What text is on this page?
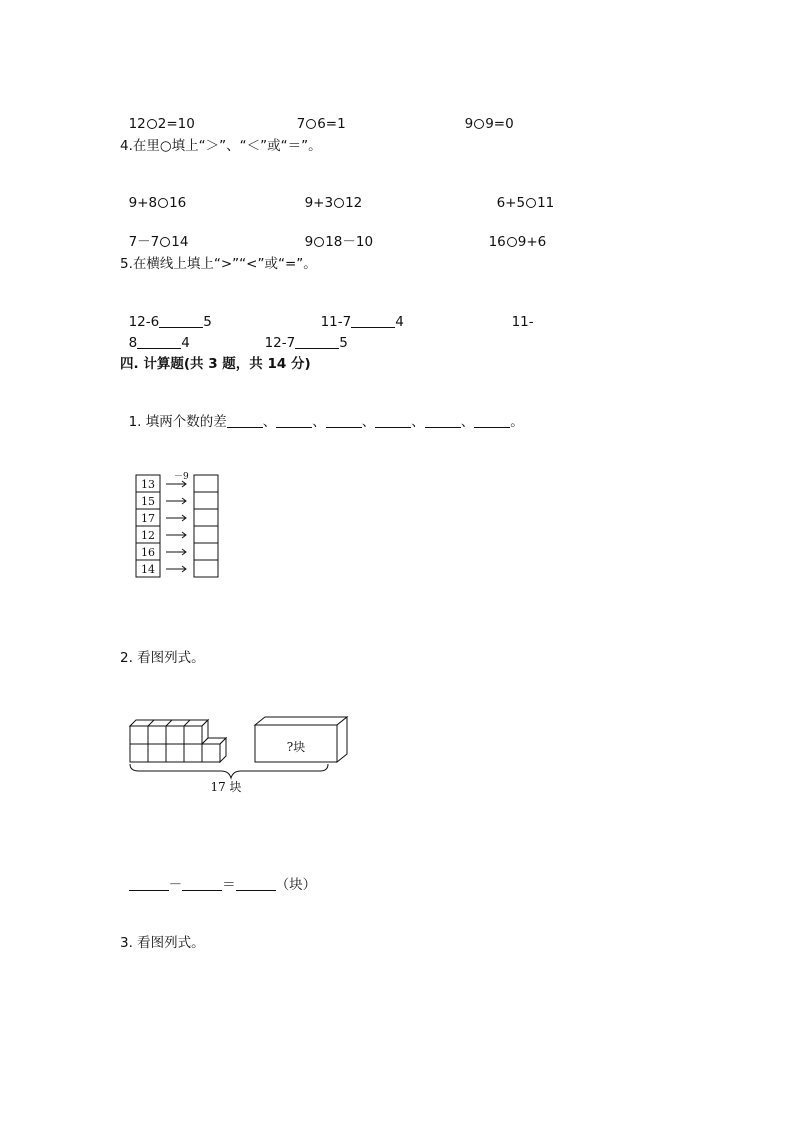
12 2=10	7 6=1	9 9=0

4.在里○填上“＞”、“＜”或“＝”。

9+8 16	9+3 12	6+5 11

7－7 14	9 18－10	16 9+6

5.在横线上填上“>”“<”或“=”。

12-6	5	11-7	4	11-

8	4	12-7	5

四. 计算题(共 3 题，共 14 分)

1. 填两个数的差	、	、	、	、	、	。

13
15
17
12
16
14
－9
2. 看图列式。
?块
17 块

－	＝	（块）

3. 看图列式。
